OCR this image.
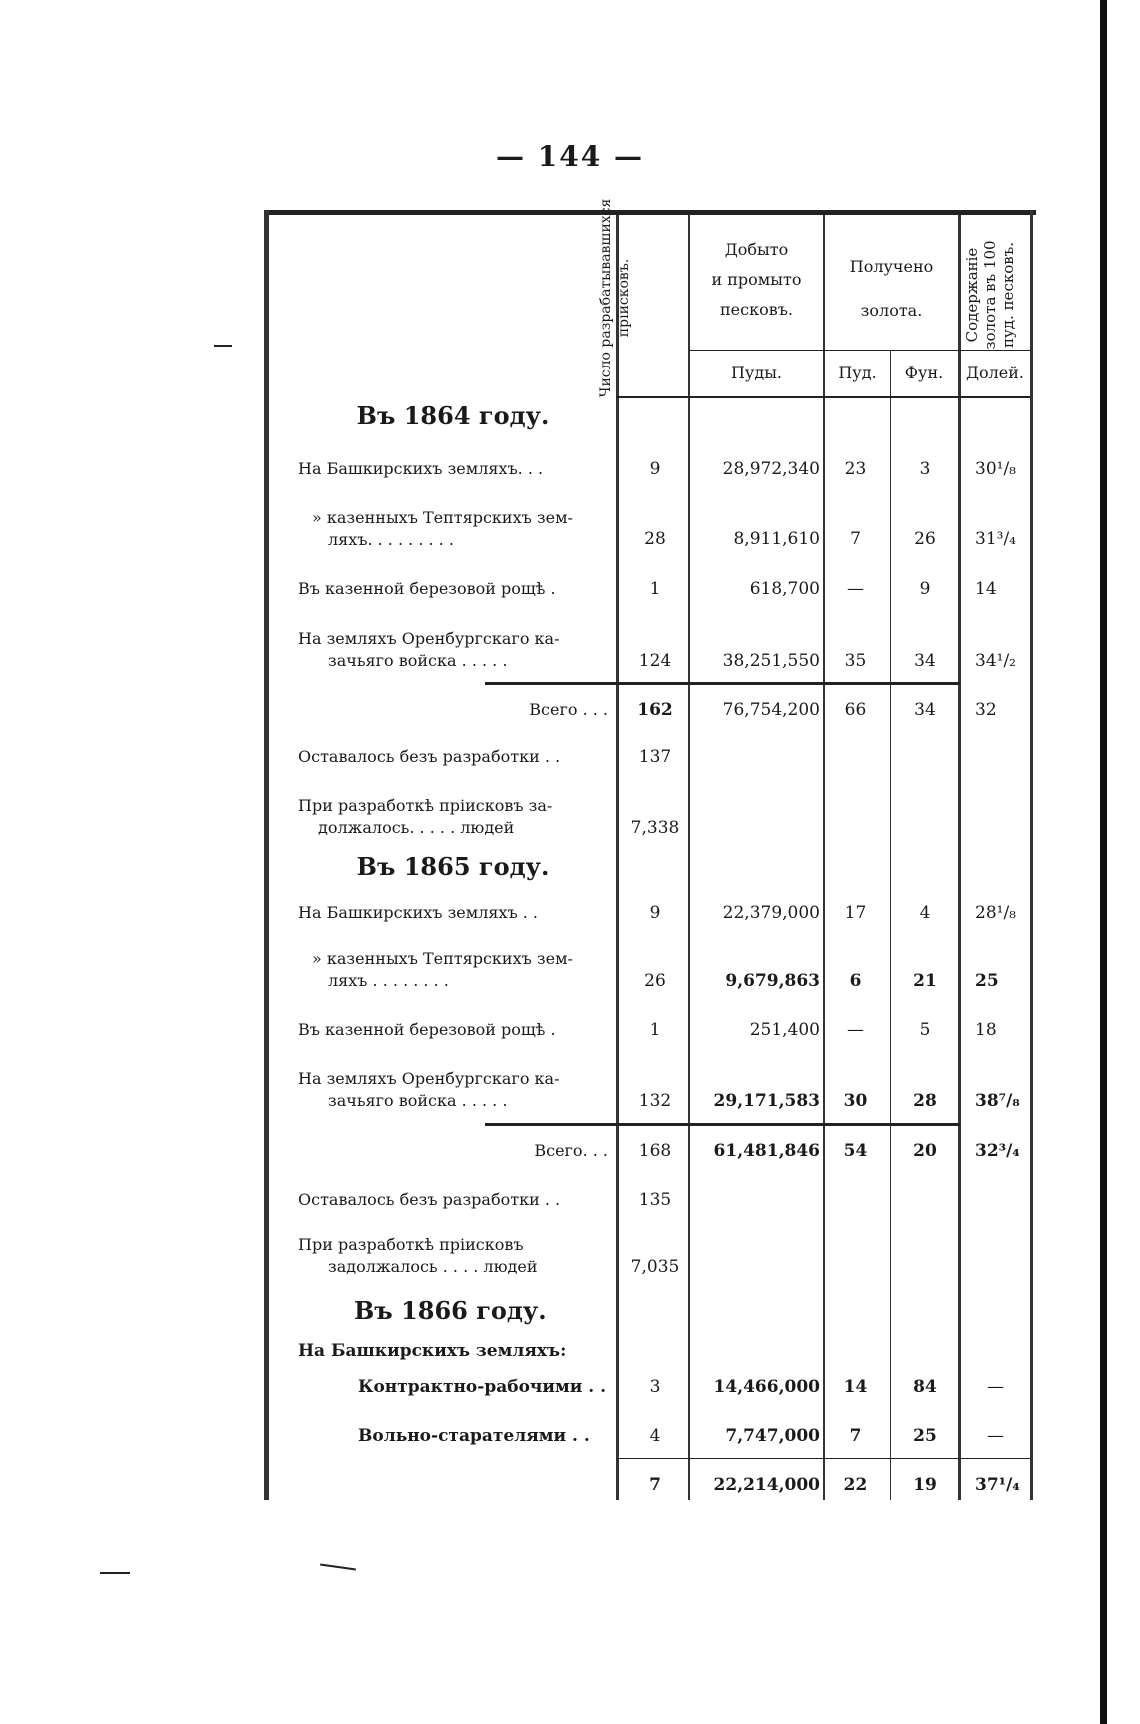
— 144 —
Число разрабатывавшихся пріисковъ.
Добыто
и промыто
песковъ.
Получено
золота.	Содержаніе золота въ 100 пуд. песковъ.
Пуды.	Пуд.	Фун.	Долей.
Въ 1864 году.
На Башкирскихъ земляхъ. . .	9	28,972,340	23	3	30¹/₈
» казенныхъ Тептярскихъ зем-
ляхъ. . . . . . . . .	28	8,911,610	7	26	31³/₄
Въ казенной березовой рощѣ .	1	618,700	—	9	14
На земляхъ Оренбургскаго ка-
зачьяго войска . . . . .	124	38,251,550	35	34	34¹/₂
Всего . . .	162	76,754,200	66	34	32
Оставалось безъ разработки . .	137
При разработкѣ пріисковъ за-
должалось. . . . . людей	7,338
Въ 1865 году.
На Башкирскихъ земляхъ . .	9	22,379,000	17	4	28¹/₈
» казенныхъ Тептярскихъ зем-
ляхъ . . . . . . . .	26	9,679,863	6	21	25
Въ казенной березовой рощѣ .	1	251,400	—	5	18
На земляхъ Оренбургскаго ка-
зачьяго войска . . . . .	132	29,171,583	30	28	38⁷/₈
Всего. . .	168	61,481,846	54	20	32³/₄
Оставалось безъ разработки . .	135
При разработкѣ пріисковъ
задолжалось . . . . людей	7,035
Въ 1866 году.
На Башкирскихъ земляхъ:
Контрактно-рабочими . .	3	14,466,000	14	84	—
Вольно-старателями . .	4	7,747,000	7	25	—
7	22,214,000	22	19	37¹/₄
